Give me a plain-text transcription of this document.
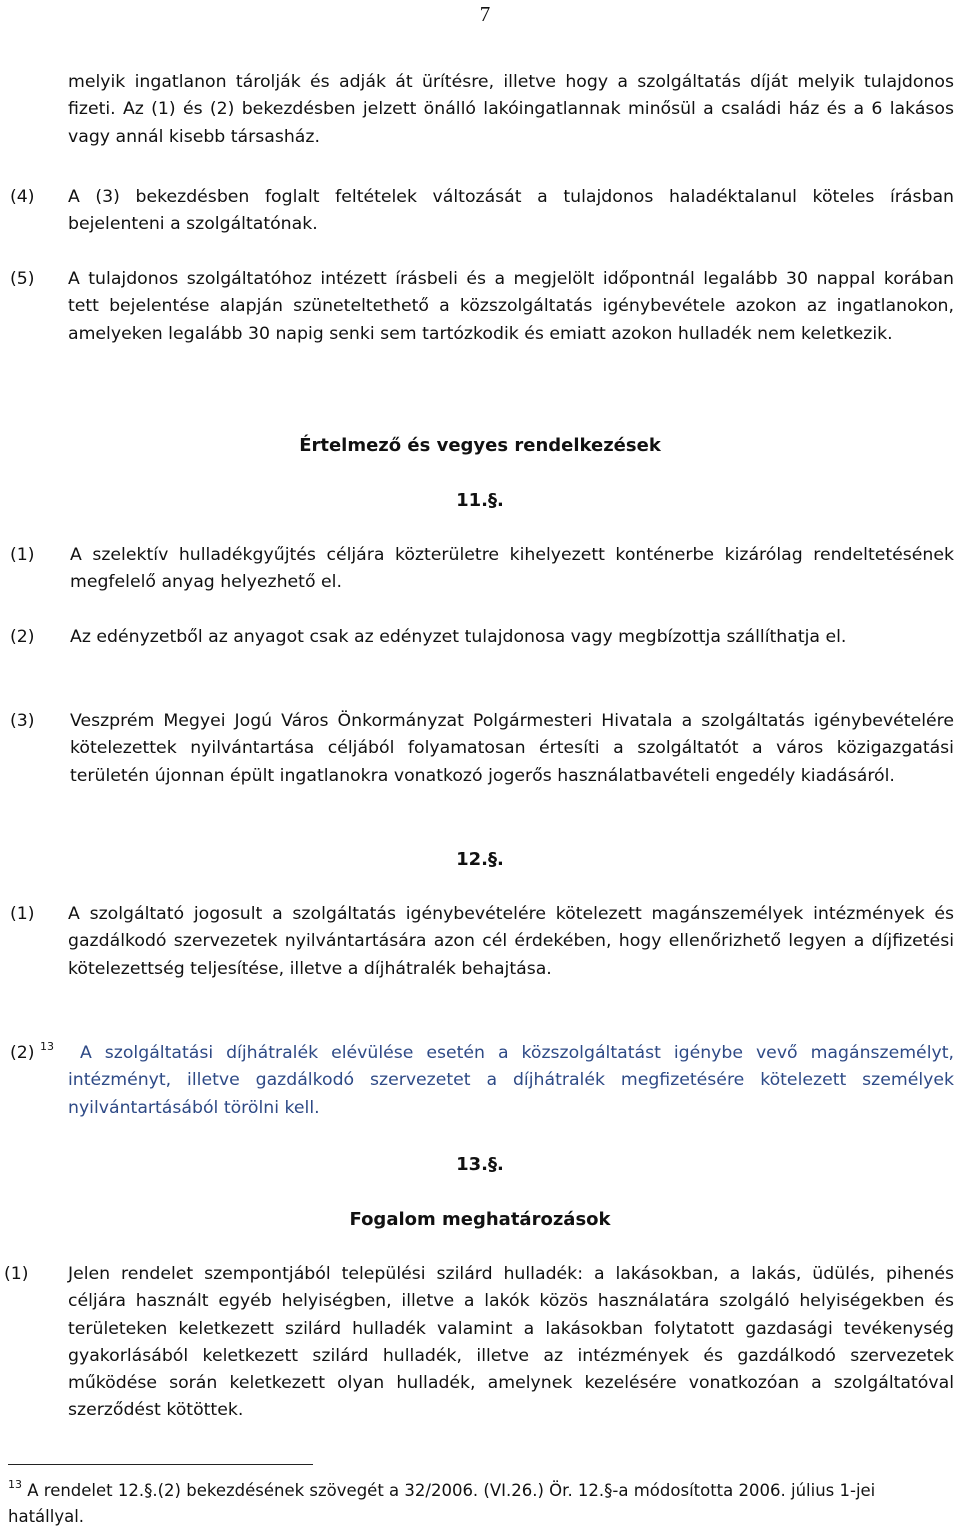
7
melyik ingatlanon tárolják és adják át ürítésre, illetve hogy a szolgáltatás díját melyik tulajdonos fizeti. Az (1) és (2) bekezdésben jelzett önálló lakóingatlannak minősül a családi ház és a 6 lakásos vagy annál kisebb társasház.
(4) A (3) bekezdésben foglalt feltételek változását a tulajdonos haladéktalanul köteles írásban bejelenteni a szolgáltatónak.
(5) A tulajdonos szolgáltatóhoz intézett írásbeli és a megjelölt időpontnál legalább 30 nappal korában tett bejelentése alapján szüneteltethető a közszolgáltatás igénybevétele azokon az ingatlanokon, amelyeken legalább 30 napig senki sem tartózkodik és emiatt azokon hulladék nem keletkezik.
Értelmező és vegyes rendelkezések
11.§.
(1) A szelektív hulladékgyűjtés céljára közterületre kihelyezett konténerbe kizárólag rendeltetésének megfelelő anyag helyezhető el.
(2) Az edényzetből az anyagot csak az edényzet tulajdonosa vagy megbízottja szállíthatja el.
(3) Veszprém Megyei Jogú Város Önkormányzat Polgármesteri Hivatala a szolgáltatás igénybevételére kötelezettek nyilvántartása céljából folyamatosan értesíti a szolgáltatót a város közigazgatási területén újonnan épült ingatlanokra vonatkozó jogerős használatbavételi engedély kiadásáról.
12.§.
(1) A szolgáltató jogosult a szolgáltatás igénybevételére kötelezett magánszemélyek intézmények és gazdálkodó szervezetek nyilvántartására azon cél érdekében, hogy ellenőrizhető legyen a díjfizetési kötelezettség teljesítése, illetve a díjhátralék behajtása.
(2) $^{13}$	A szolgáltatási díjhátralék elévülése esetén a közszolgáltatást igénybe vevő magánszemélyt, intézményt, illetve gazdálkodó szervezetet a díjhátralék megfizetésére kötelezett személyek nyilvántartásából törölni kell.
13.§.
Fogalom meghatározások
(1) Jelen rendelet szempontjából települési szilárd hulladék: a lakásokban, a lakás, üdülés, pihenés céljára használt egyéb helyiségben, illetve a lakók közös használatára szolgáló helyiségekben és területeken keletkezett szilárd hulladék valamint a lakásokban folytatott gazdasági tevékenység gyakorlásából keletkezett szilárd hulladék, illetve az intézmények és gazdálkodó szervezetek működése során keletkezett olyan hulladék, amelynek kezelésére vonatkozóan a szolgáltatóval szerződést kötöttek.
$^{13}$ A rendelet 12.§.(2) bekezdésének szövegét a 32/2006. (VI.26.) Ör. 12.§-a módosította 2006. július 1-jei hatállyal.
